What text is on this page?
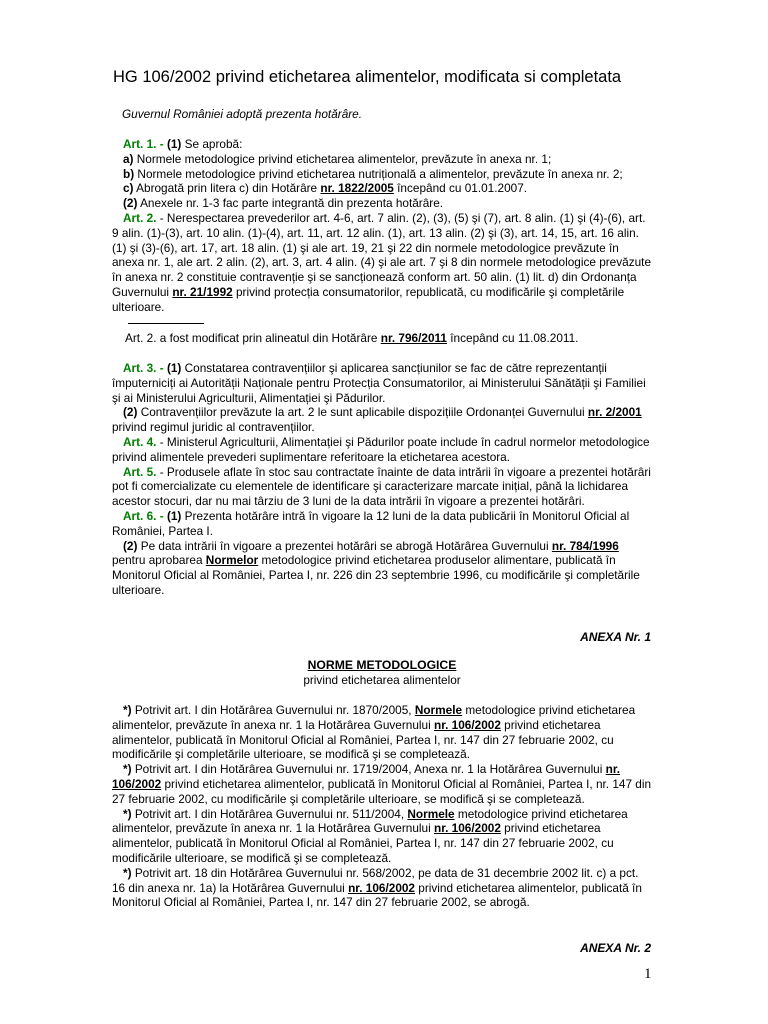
HG 106/2002 privind etichetarea alimentelor, modificata si completata
Guvernul României adoptă prezenta hotărâre.
Art. 1. - (1) Se aprobă:
a) Normele metodologice privind etichetarea alimentelor, prevăzute în anexa nr. 1;
b) Normele metodologice privind etichetarea nutrițională a alimentelor, prevăzute în anexa nr. 2;
c) Abrogată prin litera c) din Hotărâre nr. 1822/2005 începând cu 01.01.2007.
(2) Anexele nr. 1-3 fac parte integrantă din prezenta hotărâre.
Art. 2. - Nerespectarea prevederilor art. 4-6, art. 7 alin. (2), (3), (5) şi (7), art. 8 alin. (1) şi (4)-(6), art. 9 alin. (1)-(3), art. 10 alin. (1)-(4), art. 11, art. 12 alin. (1), art. 13 alin. (2) şi (3), art. 14, 15, art. 16 alin. (1) şi (3)-(6), art. 17, art. 18 alin. (1) şi ale art. 19, 21 şi 22 din normele metodologice prevăzute în anexa nr. 1, ale art. 2 alin. (2), art. 3, art. 4 alin. (4) şi ale art. 7 şi 8 din normele metodologice prevăzute în anexa nr. 2 constituie contravenție şi se sancționează conform art. 50 alin. (1) lit. d) din Ordonanța Guvernului nr. 21/1992 privind protecția consumatorilor, republicată, cu modificările şi completările ulterioare.
Art. 2. a fost modificat prin alineatul din Hotărâre nr. 796/2011 începând cu 11.08.2011.
Art. 3. - (1) Constatarea contravențiilor şi aplicarea sancțiunilor se fac de către reprezentanții împuterniciți ai Autorității Naționale pentru Protecția Consumatorilor, ai Ministerului Sănătății şi Familiei şi ai Ministerului Agriculturii, Alimentației şi Pădurilor.
(2) Contravențiilor prevăzute la art. 2 le sunt aplicabile dispozițiile Ordonanței Guvernului nr. 2/2001 privind regimul juridic al contravențiilor.
Art. 4. - Ministerul Agriculturii, Alimentației şi Pădurilor poate include în cadrul normelor metodologice privind alimentele prevederi suplimentare referitoare la etichetarea acestora.
Art. 5. - Produsele aflate în stoc sau contractate înainte de data intrării în vigoare a prezentei hotărâri pot fi comercializate cu elementele de identificare şi caracterizare marcate inițial, până la lichidarea acestor stocuri, dar nu mai târziu de 3 luni de la data intrării în vigoare a prezentei hotărâri.
Art. 6. - (1) Prezenta hotărâre intră în vigoare la 12 luni de la data publicării în Monitorul Oficial al României, Partea I.
(2) Pe data intrării în vigoare a prezentei hotărâri se abrogă Hotărârea Guvernului nr. 784/1996 pentru aprobarea Normelor metodologice privind etichetarea produselor alimentare, publicată în Monitorul Oficial al României, Partea I, nr. 226 din 23 septembrie 1996, cu modificările şi completările ulterioare.
ANEXA Nr. 1
NORME METODOLOGICE
privind etichetarea alimentelor
*) Potrivit art. I din Hotărârea Guvernului nr. 1870/2005, Normele metodologice privind etichetarea alimentelor, prevăzute în anexa nr. 1 la Hotărârea Guvernului nr. 106/2002 privind etichetarea alimentelor, publicată în Monitorul Oficial al României, Partea I, nr. 147 din 27 februarie 2002, cu modificările şi completările ulterioare, se modifică şi se completează.
*) Potrivit art. I din Hotărârea Guvernului nr. 1719/2004, Anexa nr. 1 la Hotărârea Guvernului nr. 106/2002 privind etichetarea alimentelor, publicată în Monitorul Oficial al României, Partea I, nr. 147 din 27 februarie 2002, cu modificările şi completările ulterioare, se modifică şi se completează.
*) Potrivit art. I din Hotărârea Guvernului nr. 511/2004, Normele metodologice privind etichetarea alimentelor, prevăzute în anexa nr. 1 la Hotărârea Guvernului nr. 106/2002 privind etichetarea alimentelor, publicată în Monitorul Oficial al României, Partea I, nr. 147 din 27 februarie 2002, cu modificările ulterioare, se modifică şi se completează.
*) Potrivit art. 18 din Hotărârea Guvernului nr. 568/2002, pe data de 31 decembrie 2002 lit. c) a pct. 16 din anexa nr. 1a) la Hotărârea Guvernului nr. 106/2002 privind etichetarea alimentelor, publicată în Monitorul Oficial al României, Partea I, nr. 147 din 27 februarie 2002, se abrogă.
ANEXA Nr. 2
1
